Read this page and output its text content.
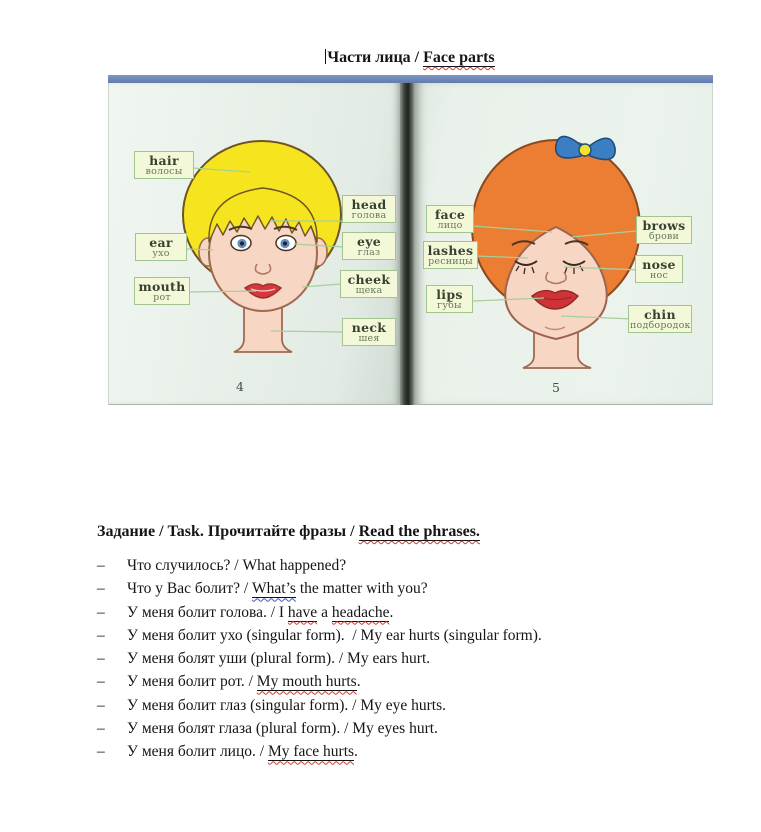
Части лица / Face parts
hair
волосы
head
голова
ear
ухо
eye
глаз
mouth
рот
cheek
щека
neck
шея
face
лицо	brows
брови
lashes
ресницы	nose
нос
lips
губы
chin
подбородок
4	5
Задание / Task. Прочитайте фразы / Read the phrases.
–	Что случилось? / What happened?
–	Что у Вас болит? / What’s the matter with you?
–	У меня болит голова. / I have a headache.
–	У меня болит ухо (singular form).  / My ear hurts (singular form).
–	У меня болят уши (plural form). / My ears hurt.
–	У меня болит рот. / My mouth hurts.
–	У меня болит глаз (singular form). / My eye hurts.
–	У меня болят глаза (plural form). / My eyes hurt.
–	У меня болит лицо. / My face hurts.
